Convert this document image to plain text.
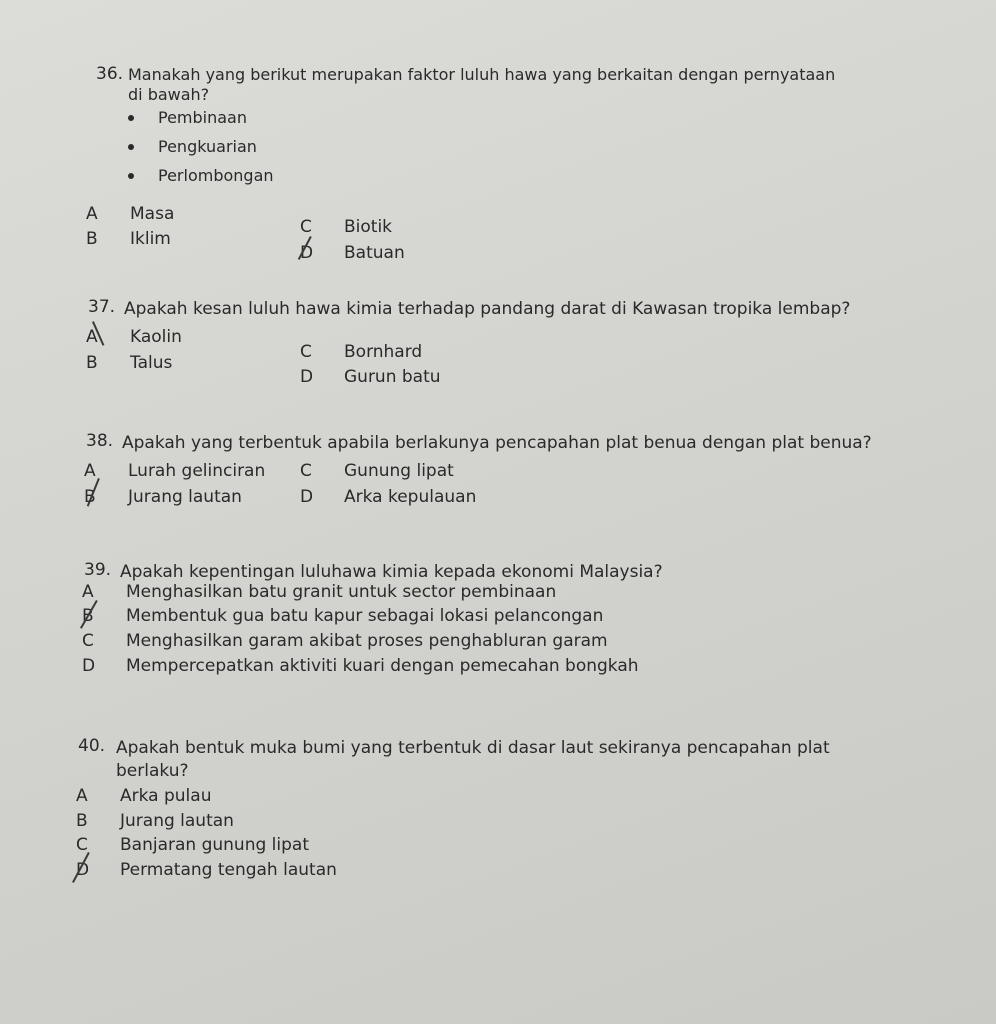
36. Manakah yang berikut merupakan faktor luluh hawa yang berkaitan dengan pernyataan
di bawah?
Pembinaan
Pengkuarian
Perlombongan
A Masa
B Iklim
C Biotik
D Batuan
37. Apakah kesan luluh hawa kimia terhadap pandang darat di Kawasan tropika lembap?
A Kaolin
B Talus
C Bornhard
D Gurun batu
38. Apakah yang terbentuk apabila berlakunya pencapahan plat benua dengan plat benua?
A Lurah gelinciran
B Jurang lautan
C Gunung lipat
D Arka kepulauan
39. Apakah kepentingan luluhawa kimia kepada ekonomi Malaysia?
A Menghasilkan batu granit untuk sector pembinaan
B Membentuk gua batu kapur sebagai lokasi pelancongan
C Menghasilkan garam akibat proses penghabluran garam
D Mempercepatkan aktiviti kuari dengan pemecahan bongkah
40. Apakah bentuk muka bumi yang terbentuk di dasar laut sekiranya pencapahan plat
berlaku?
A Arka pulau
B Jurang lautan
C Banjaran gunung lipat
D Permatang tengah lautan
